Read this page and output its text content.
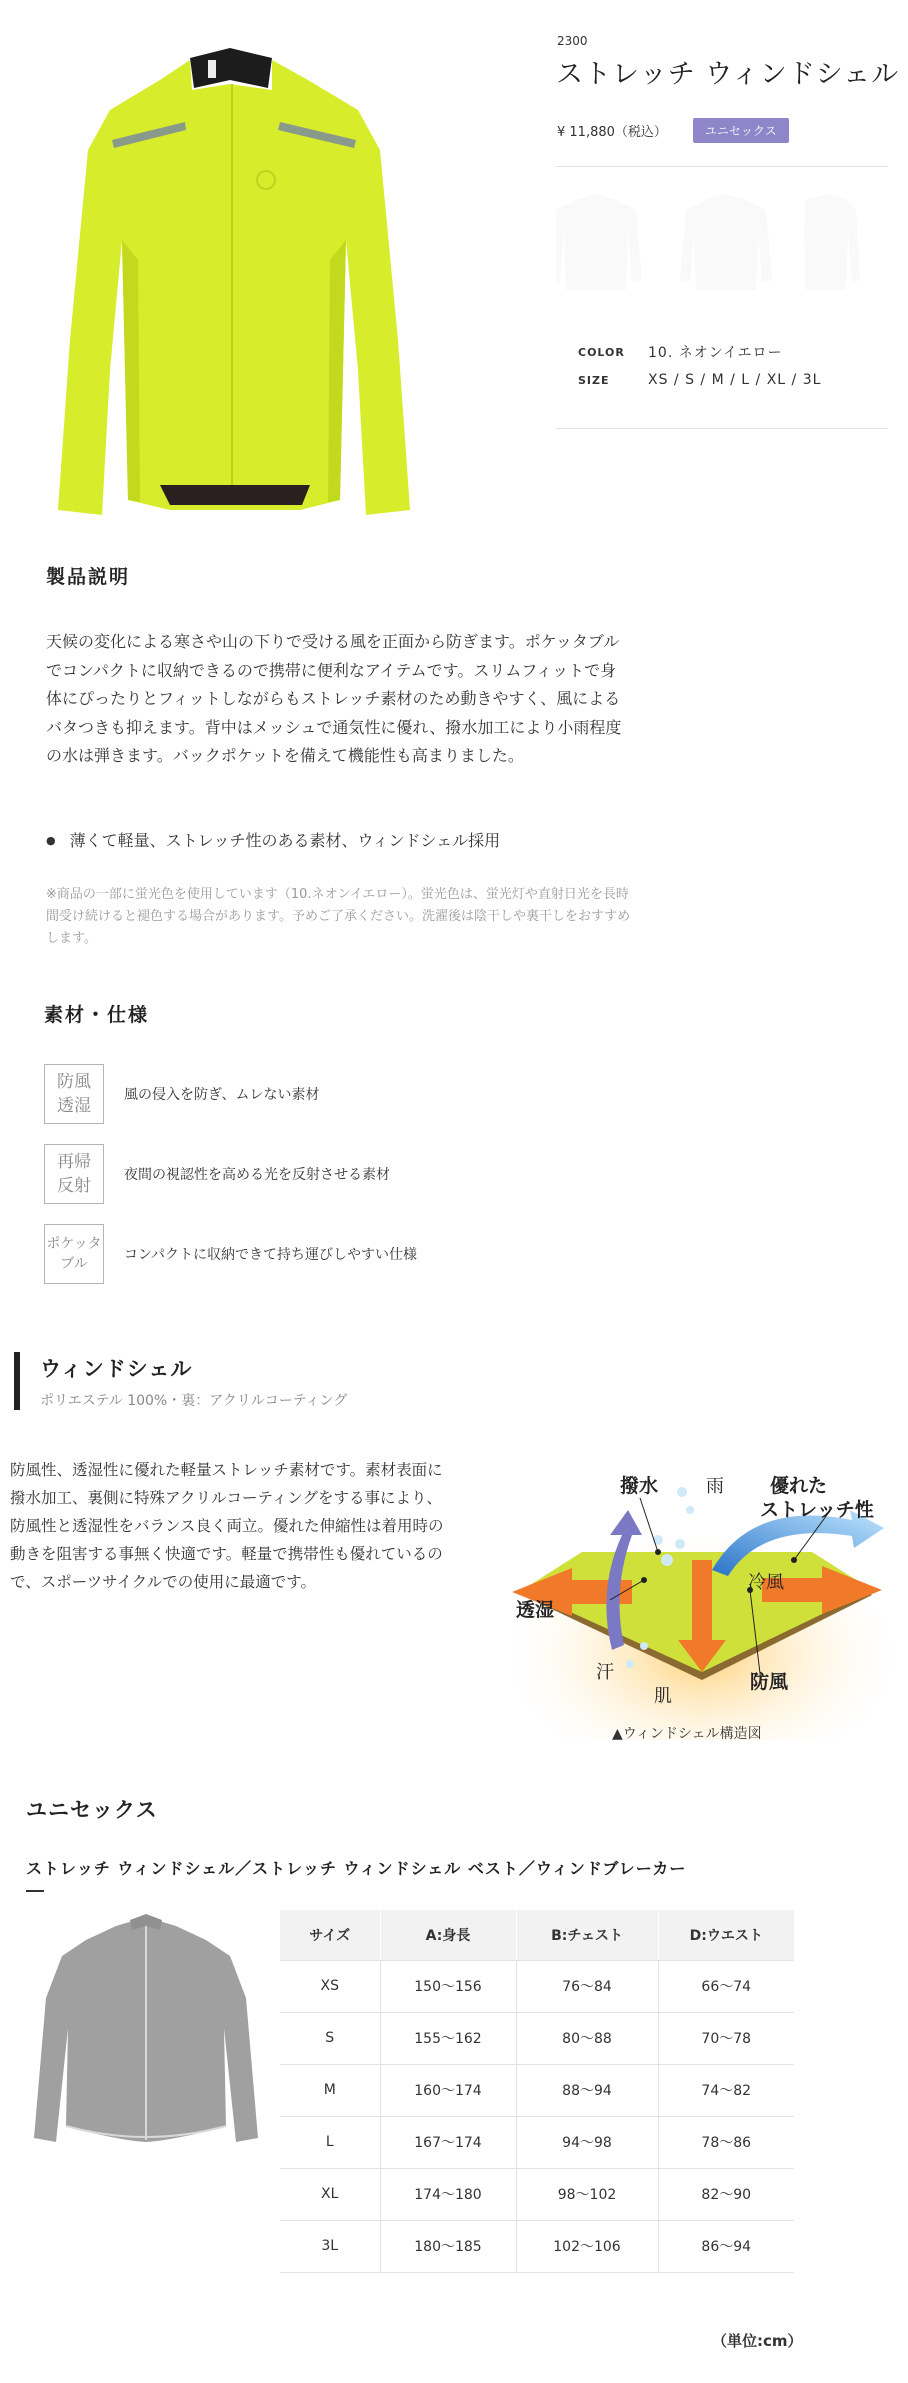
2300
ストレッチ ウィンドシェル
¥ 11,880（税込）	ユニセックス
COLOR	10. ネオンイエロー
SIZE	XS / S / M / L / XL / 3L
製品説明

天候の変化による寒さや山の下りで受ける風を正面から防ぎます。ポケッタブルでコンパクトに収納できるので携帯に便利なアイテムです。スリムフィットで身体にぴったりとフィットしながらもストレッチ素材のため動きやすく、風によるバタつきも抑えます。背中はメッシュで通気性に優れ、撥水加工により小雨程度の水は弾きます。バックポケットを備えて機能性も高まりました。

● 薄くて軽量、ストレッチ性のある素材、ウィンドシェル採用

※商品の一部に蛍光色を使用しています（10.ネオンイエロー）。蛍光色は、蛍光灯や直射日光を長時間受け続けると褪色する場合があります。予めご了承ください。洗濯後は陰干しや裏干しをおすすめします。

素材・仕様
防風
透湿
風の侵入を防ぎ、ムレない素材
再帰
反射
夜間の視認性を高める光を反射させる素材
ポケッタ
ブル
コンパクトに収納できて持ち運びしやすい仕様
ウィンドシェル
ポリエステル 100%・裏：アクリルコーティング

防風性、透湿性に優れた軽量ストレッチ素材です。素材表面に撥水加工、裏側に特殊アクリルコーティングをする事により、防風性と透湿性をバランス良く両立。優れた伸縮性は着用時の動きを阻害する事無く快適です。軽量で携帯性も優れているので、スポーツサイクルでの使用に最適です。

撥水	雨 優れた
ストレッチ性
冷風
透湿
汗
肌
防風
▲ウィンドシェル構造図
ユニセックス
ストレッチ ウィンドシェル／ストレッチ ウィンドシェル ベスト／ウィンドブレーカー
サイズ	A:身長	B:チェスト	D:ウエスト
XS	150〜156	76〜84	66〜74
S	155〜162	80〜88	70〜78
M	160〜174	88〜94	74〜82
L	167〜174	94〜98	78〜86
XL	174〜180	98〜102	82〜90
3L	180〜185	102〜106	86〜94
（単位:cm）
